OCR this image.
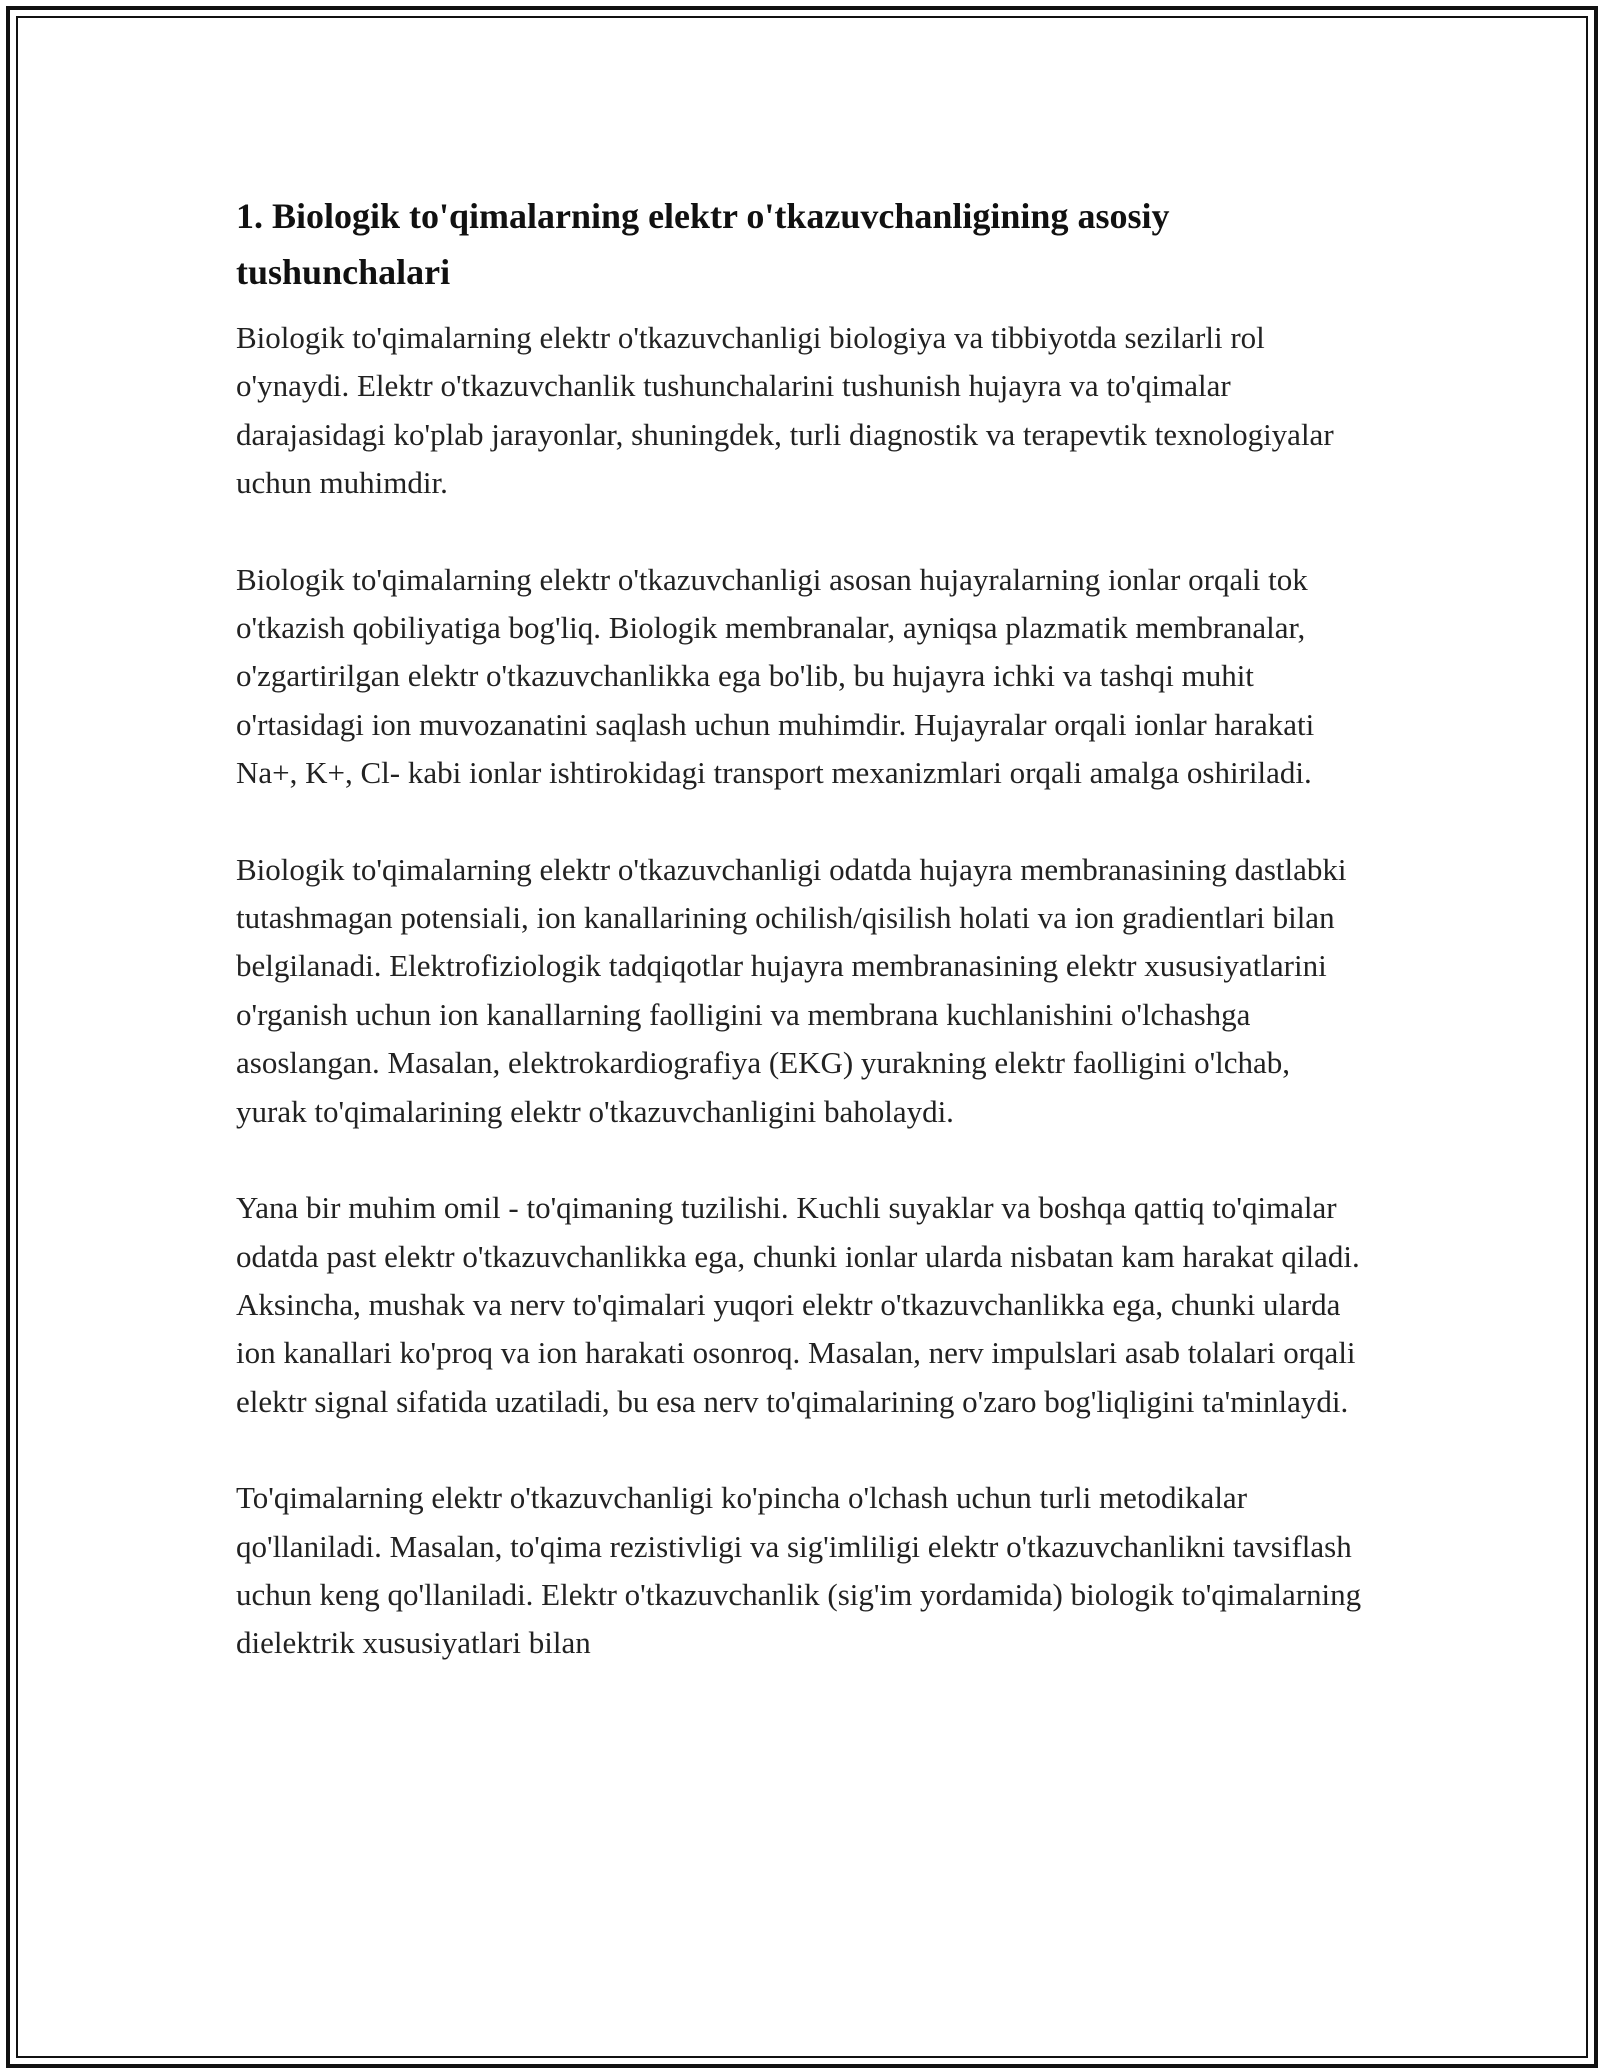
1. Biologik to'qimalarning elektr o'tkazuvchanligining asosiy tushunchalari

Biologik to'qimalarning elektr o'tkazuvchanligi biologiya va tibbiyotda sezilarli rol o'ynaydi. Elektr o'tkazuvchanlik tushunchalarini tushunish hujayra va to'qimalar darajasidagi ko'plab jarayonlar, shuningdek, turli diagnostik va terapevtik texnologiyalar uchun muhimdir.

Biologik to'qimalarning elektr o'tkazuvchanligi asosan hujayralarning ionlar orqali tok o'tkazish qobiliyatiga bog'liq. Biologik membranalar, ayniqsa plazmatik membranalar, o'zgartirilgan elektr o'tkazuvchanlikka ega bo'lib, bu hujayra ichki va tashqi muhit o'rtasidagi ion muvozanatini saqlash uchun muhimdir. Hujayralar orqali ionlar harakati Na+, K+, Cl- kabi ionlar ishtirokidagi transport mexanizmlari orqali amalga oshiriladi.

Biologik to'qimalarning elektr o'tkazuvchanligi odatda hujayra membranasining dastlabki tutashmagan potensiali, ion kanallarining ochilish/qisilish holati va ion gradientlari bilan belgilanadi. Elektrofiziologik tadqiqotlar hujayra membranasining elektr xususiyatlarini o'rganish uchun ion kanallarning faolligini va membrana kuchlanishini o'lchashga asoslangan. Masalan, elektrokardiografiya (EKG) yurakning elektr faolligini o'lchab, yurak to'qimalarining elektr o'tkazuvchanligini baholaydi.

Yana bir muhim omil - to'qimaning tuzilishi. Kuchli suyaklar va boshqa qattiq to'qimalar odatda past elektr o'tkazuvchanlikka ega, chunki ionlar ularda nisbatan kam harakat qiladi. Aksincha, mushak va nerv to'qimalari yuqori elektr o'tkazuvchanlikka ega, chunki ularda ion kanallari ko'proq va ion harakati osonroq. Masalan, nerv impulslari asab tolalari orqali elektr signal sifatida uzatiladi, bu esa nerv to'qimalarining o'zaro bog'liqligini ta'minlaydi.

To'qimalarning elektr o'tkazuvchanligi ko'pincha o'lchash uchun turli metodikalar qo'llaniladi. Masalan, to'qima rezistivligi va sig'imliligi elektr o'tkazuvchanlikni tavsiflash uchun keng qo'llaniladi. Elektr o'tkazuvchanlik (sig'im yordamida) biologik to'qimalarning dielektrik xususiyatlari bilan
